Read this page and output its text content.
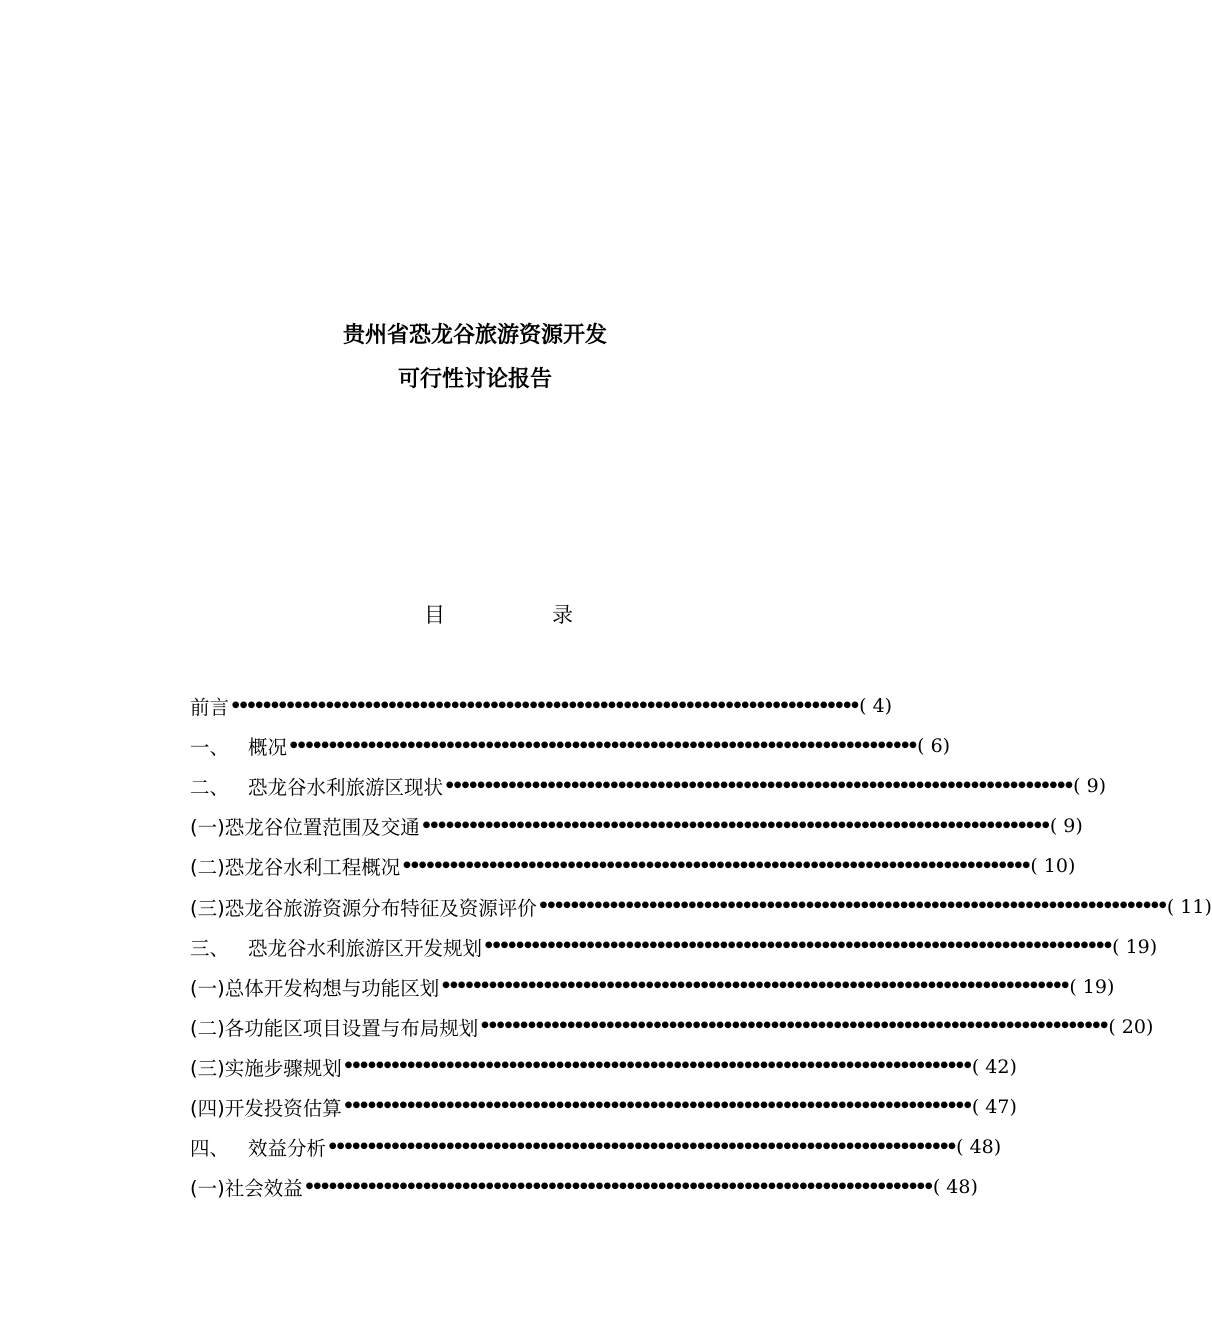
贵州省恐龙谷旅游资源开发
可行性讨论报告
目	录
前言 •••••••••••••••••••••••••••••••••••••••••••••••••••••••••••••••••••••••••••••••• ( 4)
一、 概况 •••••••••••••••••••••••••••••••••••••••••••••••••••••••••••••••••••••••••••••••• ( 6)
二、 恐龙谷水利旅游区现状 •••••••••••••••••••••••••••••••••••••••••••••••••••••••••••••••••••••••••••••••• ( 9)
(一) 恐龙谷位置范围及交通 •••••••••••••••••••••••••••••••••••••••••••••••••••••••••••••••••••••••••••••••• ( 9)
(二) 恐龙谷水利工程概况 •••••••••••••••••••••••••••••••••••••••••••••••••••••••••••••••••••••••••••••••• ( 10)
(三) 恐龙谷旅游资源分布特征及资源评价 •••••••••••••••••••••••••••••••••••••••••••••••••••••••••••••••••••••••••••••••• ( 11)
三、 恐龙谷水利旅游区开发规划 •••••••••••••••••••••••••••••••••••••••••••••••••••••••••••••••••••••••••••••••• ( 19)
(一) 总体开发构想与功能区划 •••••••••••••••••••••••••••••••••••••••••••••••••••••••••••••••••••••••••••••••• ( 19)
(二) 各功能区项目设置与布局规划 •••••••••••••••••••••••••••••••••••••••••••••••••••••••••••••••••••••••••••••••• ( 20)
(三) 实施步骤规划 •••••••••••••••••••••••••••••••••••••••••••••••••••••••••••••••••••••••••••••••• ( 42)
(四) 开发投资估算 •••••••••••••••••••••••••••••••••••••••••••••••••••••••••••••••••••••••••••••••• ( 47)
四、 效益分析 •••••••••••••••••••••••••••••••••••••••••••••••••••••••••••••••••••••••••••••••• ( 48)
(一) 社会效益 •••••••••••••••••••••••••••••••••••••••••••••••••••••••••••••••••••••••••••••••• ( 48)
